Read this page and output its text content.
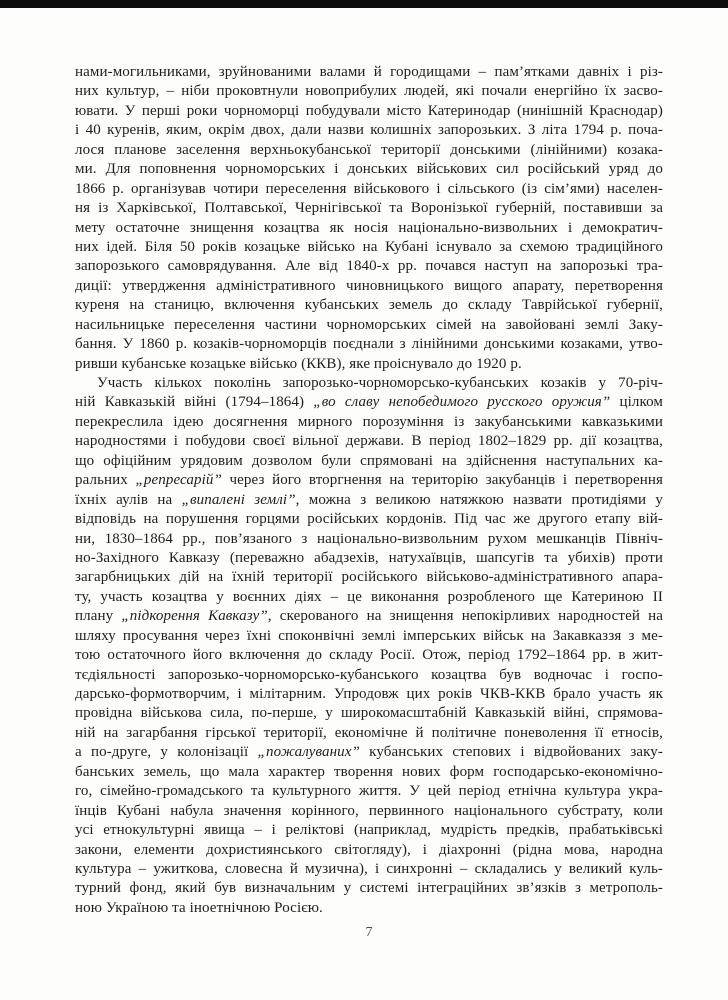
нами-могильниками, зруйнованими валами й городищами – пам’ятками давніх і різ-
них культур, – ніби проковтнули новоприбулих людей, які почали енергійно їх засво-
ювати. У перші роки чорноморці побудували місто Катеринодар (нинішній Краснодар)
і 40 куренів, яким, окрім двох, дали назви колишніх запорозьких. З літа 1794 р. поча-
лося планове заселення верхньокубанської території донськими (лінійними) козака-
ми. Для поповнення чорноморських і донських військових сил російський уряд до
1866 р. організував чотири переселення військового і сільського (із сім’ями) населен-
ня із Харківської, Полтавської, Чернігівської та Воронізької губерній, поставивши за
мету остаточне знищення козацтва як носія національно-визвольних і демократич-
них ідей. Біля 50 років козацьке військо на Кубані існувало за схемою традиційного
запорозького самоврядування. Але від 1840-х рр. почався наступ на запорозькі тра-
диції: утвердження адміністративного чиновницького вищого апарату, перетворення
куреня на станицю, включення кубанських земель до складу Таврійської губернії,
насильницьке переселення частини чорноморських сімей на завойовані землі Заку-
бання. У 1860 р. козаків-чорноморців поєднали з лінійними донськими козаками, утво-
ривши кубанське козацьке військо (ККВ), яке проіснувало до 1920 р.
Участь кількох поколінь запорозько-чорноморсько-кубанських козаків у 70-річ-
ній Кавказькій війні (1794–1864) „во славу непобедимого русского оружия” цілком
перекреслила ідею досягнення мирного порозуміння із закубанськими кавказькими
народностями і побудови своєї вільної держави. В період 1802–1829 рр. дії козацтва,
що офіційним урядовим дозволом були спрямовані на здійснення наступальних ка-
ральних „репресарій” через його вторгнення на територію закубанців і перетворення
їхніх аулів на „випалені землі”, можна з великою натяжкою назвати протидіями у
відповідь на порушення горцями російських кордонів. Під час же другого етапу вій-
ни, 1830–1864 рр., пов’язаного з національно-визвольним рухом мешканців Північ-
но-Західного Кавказу (переважно абадзехів, натухаївців, шапсугів та убихів) проти
загарбницьких дій на їхній території російського військово-адміністративного апара-
ту, участь козацтва у воєнних діях – це виконання розробленого ще Катериною ІІ
плану „підкорення Кавказу”, скерованого на знищення непокірливих народностей на
шляху просування через їхні споконвічні землі імперських військ на Закавказзя з ме-
тою остаточного його включення до складу Росії. Отож, період 1792–1864 рр. в жит-
тєдіяльності запорозько-чорноморсько-кубанського козацтва був водночас і госпо-
дарсько-формотворчим, і мілітарним. Упродовж цих років ЧКВ-ККВ брало участь як
провідна військова сила, по-перше, у широкомасштабній Кавказькій війні, спрямова-
ній на загарбання гірської території, економічне й політичне поневолення її етносів,
а по-друге, у колонізації „пожалуваних” кубанських степових і відвойованих заку-
банських земель, що мала характер творення нових форм господарсько-економічно-
го, сімейно-громадського та культурного життя. У цей період етнічна культура укра-
їнців Кубані набула значення корінного, первинного національного субстрату, коли
усі етнокультурні явища – і реліктові (наприклад, мудрість предків, прабатьківські
закони, елементи дохристиянського світогляду), і діахронні (рідна мова, народна
культура – ужиткова, словесна й музична), і синхронні – складались у великий куль-
турний фонд, який був визначальним у системі інтеграційних зв’язків з метрополь-
ною Україною та іноетнічною Росією.
7
